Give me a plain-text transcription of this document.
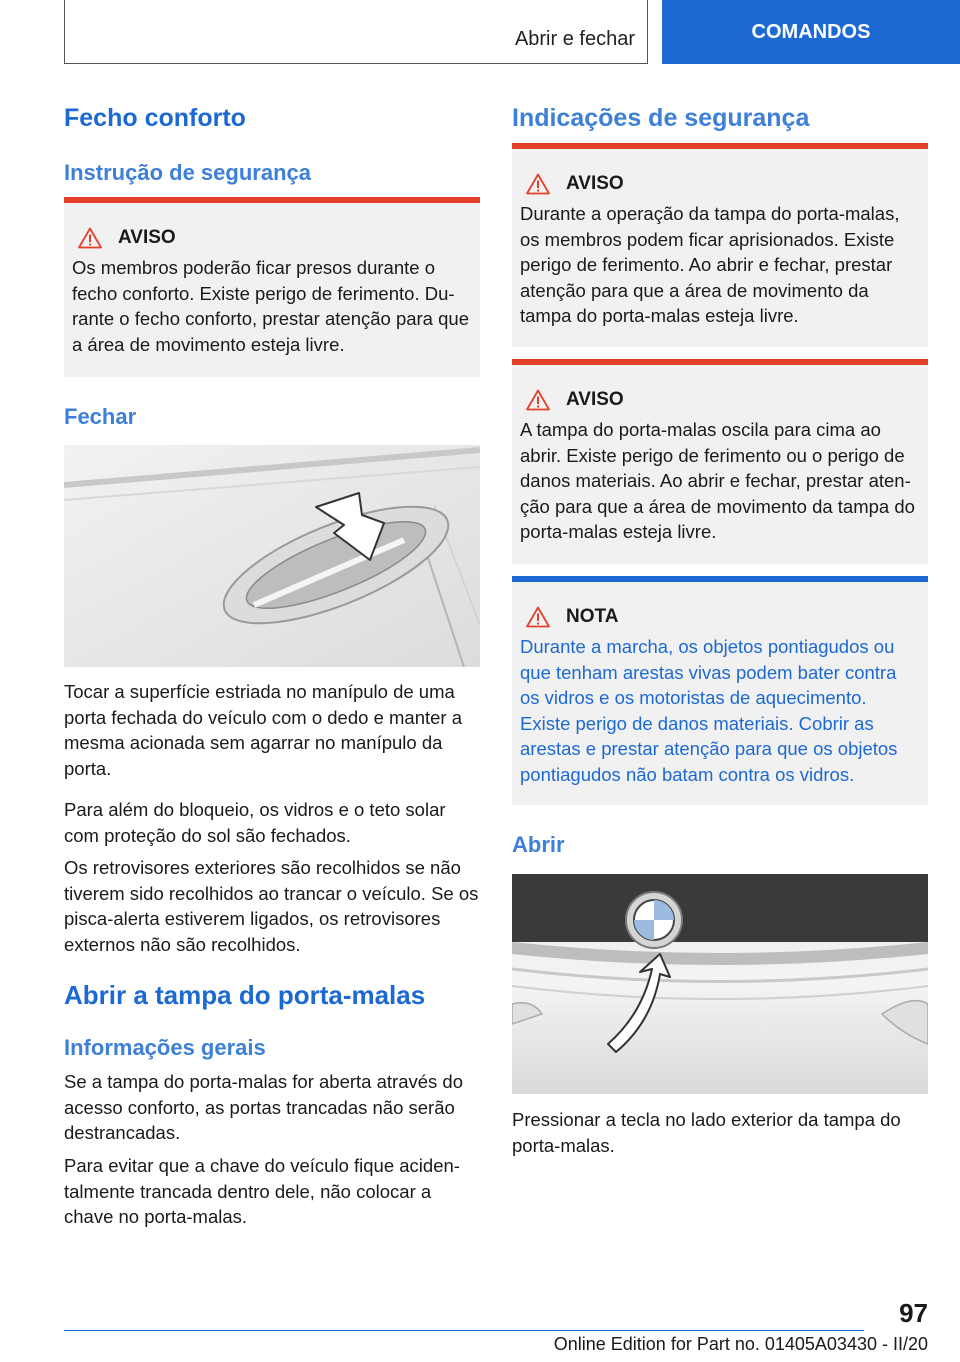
Abrir e fechar	COMANDOS
Fecho conforto
Instrução de segurança
AVISO

Os membros poderão ficar presos durante o fecho conforto. Existe perigo de ferimento. Du-rante o fecho conforto, prestar atenção para que a área de movimento esteja livre.

Fechar

Tocar a superfície estriada no manípulo de uma porta fechada do veículo com o dedo e manter a mesma acionada sem agarrar no manípulo da porta.

Para além do bloqueio, os vidros e o teto solar com proteção do sol são fechados.

Os retrovisores exteriores são recolhidos se não tiverem sido recolhidos ao trancar o veículo. Se os pisca-alerta estiverem ligados, os retrovisores externos não são recolhidos.

Abrir a tampa do porta-malas
Informações gerais

Se a tampa do porta-malas for aberta através do acesso conforto, as portas trancadas não serão destrancadas.

Para evitar que a chave do veículo fique aciden-talmente trancada dentro dele, não colocar a chave no porta-malas.

Indicações de segurança
AVISO

Durante a operação da tampa do porta-malas, os membros podem ficar aprisionados. Existe perigo de ferimento. Ao abrir e fechar, prestar atenção para que a área de movimento da tampa do porta-malas esteja livre.

AVISO

A tampa do porta-malas oscila para cima ao abrir. Existe perigo de ferimento ou o perigo de danos materiais. Ao abrir e fechar, prestar aten-ção para que a área de movimento da tampa do porta-malas esteja livre.

NOTA

Durante a marcha, os objetos pontiagudos ou que tenham arestas vivas podem bater contra os vidros e os motoristas de aquecimento. Existe perigo de danos materiais. Cobrir as arestas e prestar atenção para que os objetos pontiagudos não batam contra os vidros.

Abrir

Pressionar a tecla no lado exterior da tampa do porta-malas.

97
Online Edition for Part no. 01405A03430 - II/20
